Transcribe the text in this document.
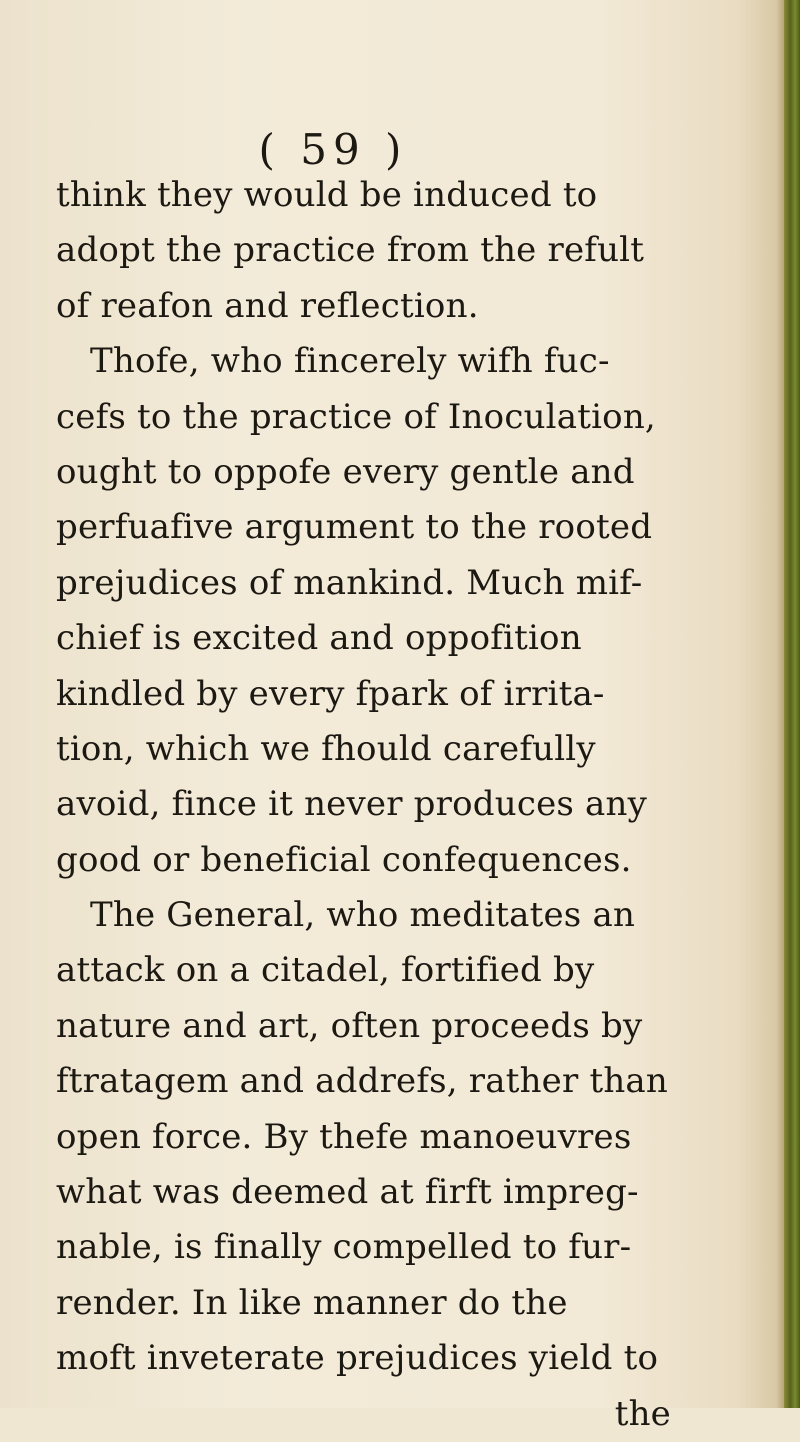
( 59 )

think they would be induced to
adopt the practice from the refult
of reafon and reflection.
Thofe, who fincerely wifh fuc-
cefs to the practice of Inoculation,
ought to oppofe every gentle and
perfuafive argument to the rooted
prejudices of mankind. Much mif-
chief is excited and oppofition
kindled by every fpark of irrita-
tion, which we fhould carefully
avoid, fince it never produces any
good or beneficial confequences.
The General, who meditates an
attack on a citadel, fortified by
nature and art, often proceeds by
ftratagem and addrefs, rather than
open force. By thefe manoeuvres
what was deemed at firft impreg-
nable, is finally compelled to fur-
render. In like manner do the
moft inveterate prejudices yield to
the
